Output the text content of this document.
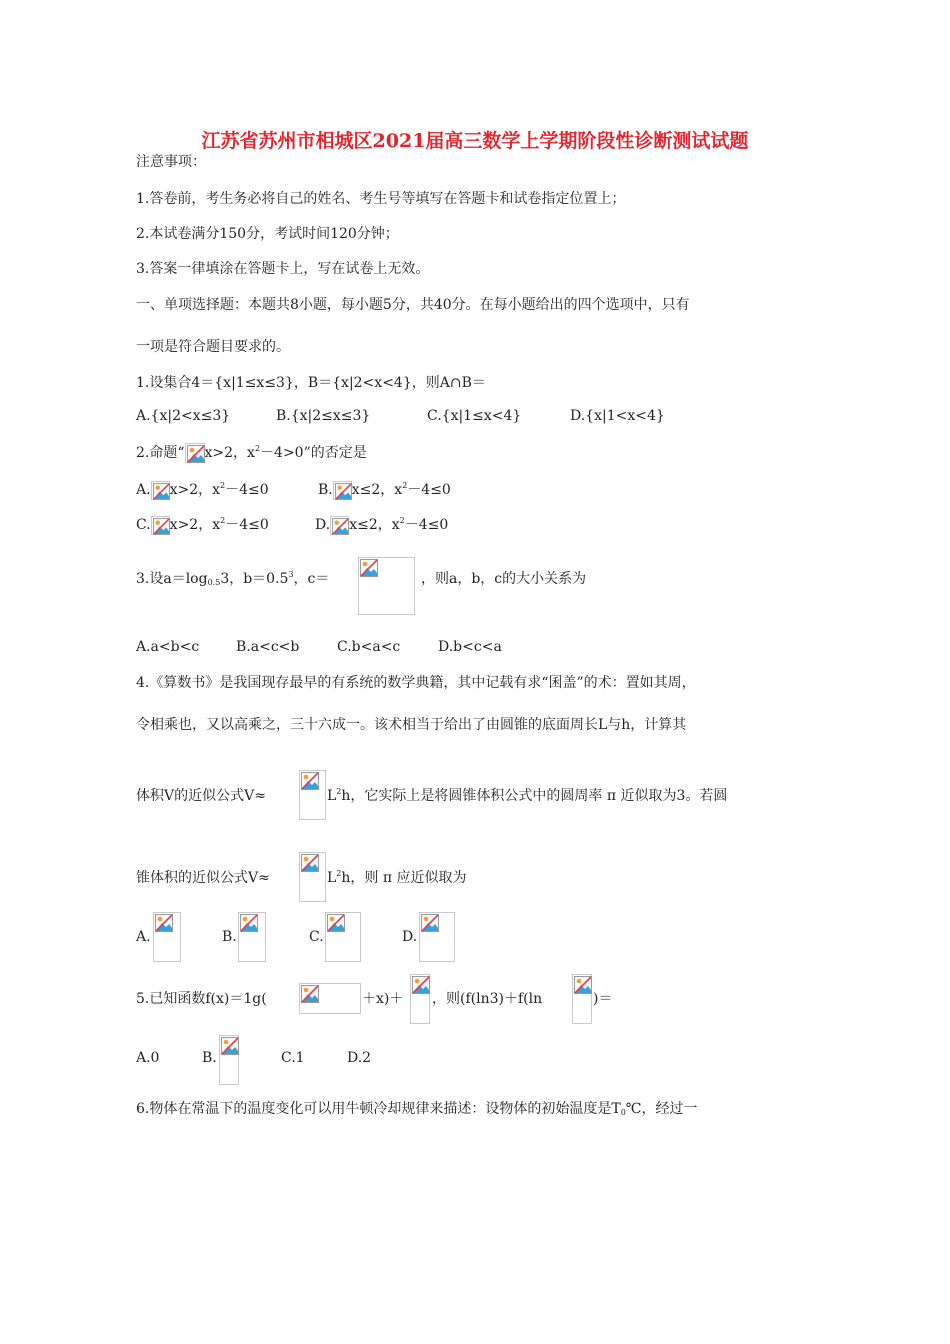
江苏省苏州市相城区2021届高三数学上学期阶段性诊断测试试题
注意事项：
1.答卷前，考生务必将自己的姓名、考生号等填写在答题卡和试卷指定位置上；
2.本试卷满分150分，考试时间120分钟；
3.答案一律填涂在答题卡上，写在试卷上无效。
一、单项选择题：本题共8小题，每小题5分，共40分。在每小题给出的四个选项中，只有
一项是符合题目要求的。
1.设集合4＝{x|1≤x≤3}，B＝{x|2<x<4}，则A∩B＝
A.{x|2<x≤3}	B.{x|2≤x≤3}	C.{x|1≤x<4}	D.{x|1<x<4}
2.命题“ x>2，$x^2-4>0$”的否定是
A. x>2，$x^2-4\le 0$	B. x≤2，$x^2-4\le 0$
C. x>2，$x^2-4\le 0$	D. x≤2，$x^2-4\le 0$
3.设$a=\log_{0.5}3$，$b=0.5^3$，c＝	，则a，b，c的大小关系为
A.a<b<c	B.a<c<b	C.b<a<c	D.b<c<a
4.《算数书》是我国现存最早的有系统的数学典籍，其中记载有求“囷盖”的术：置如其周，
令相乘也，又以高乘之，三十六成一。该术相当于给出了由圆锥的底面周长L与h，计算其
体积V的近似公式V≈	$L^2h$，它实际上是将圆锥体积公式中的圆周率 π 近似取为3。若圆
锥体积的近似公式V≈	$L^2h$，则 π 应近似取为
A.	B.	C.	D.
5.已知函数f(x)＝1g(	＋x)＋ ，则(f(ln3)＋f(ln	)＝
A.0	B.	C.1	D.2
6.物体在常温下的温度变化可以用牛顿冷却规律来描述：设物体的初始温度是$T_0℃$，经过一
